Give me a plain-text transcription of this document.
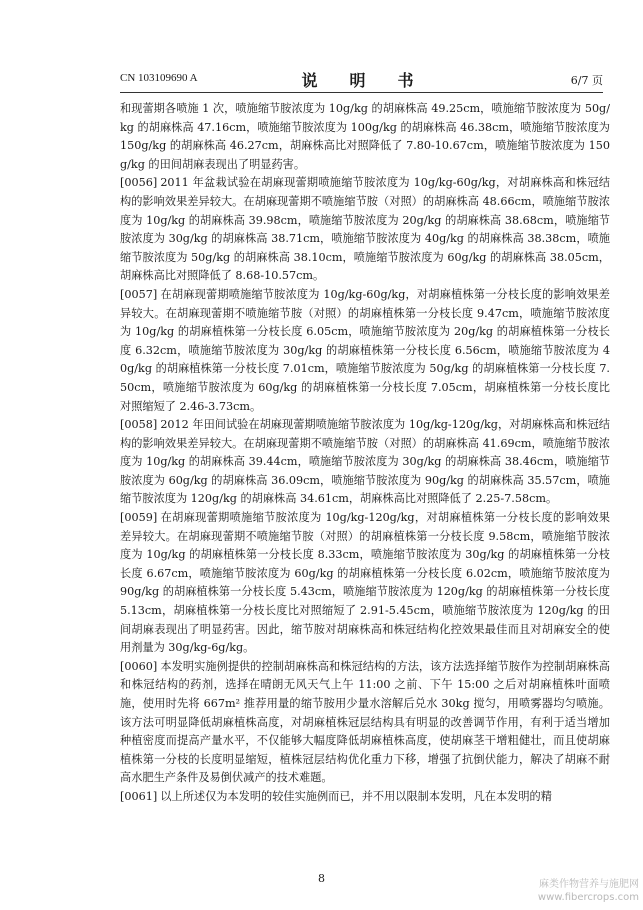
CN 103109690 A	说　明　书	6/7 页

和现蕾期各喷施 1 次，喷施缩节胺浓度为 10g/kg 的胡麻株高 49.25cm，喷施缩节胺浓度为 50g/kg 的胡麻株高 47.16cm，喷施缩节胺浓度为 100g/kg 的胡麻株高 46.38cm，喷施缩节胺浓度为 150g/kg 的胡麻株高 46.27cm，胡麻株高比对照降低了 7.80-10.67cm，喷施缩节胺浓度为 150g/kg 的田间胡麻表现出了明显药害。

[0056] 2011 年盆栽试验在胡麻现蕾期喷施缩节胺浓度为 10g/kg-60g/kg，对胡麻株高和株冠结构的影响效果差异较大。在胡麻现蕾期不喷施缩节胺（对照）的胡麻株高 48.66cm，喷施缩节胺浓度为 10g/kg 的胡麻株高 39.98cm，喷施缩节胺浓度为 20g/kg 的胡麻株高 38.68cm，喷施缩节胺浓度为 30g/kg 的胡麻株高 38.71cm，喷施缩节胺浓度为 40g/kg 的胡麻株高 38.38cm，喷施缩节胺浓度为 50g/kg 的胡麻株高 38.10cm，喷施缩节胺浓度为 60g/kg 的胡麻株高 38.05cm，胡麻株高比对照降低了 8.68-10.57cm。

[0057] 在胡麻现蕾期喷施缩节胺浓度为 10g/kg-60g/kg，对胡麻植株第一分枝长度的影响效果差异较大。在胡麻现蕾期不喷施缩节胺（对照）的胡麻植株第一分枝长度 9.47cm，喷施缩节胺浓度为 10g/kg 的胡麻植株第一分枝长度 6.05cm，喷施缩节胺浓度为 20g/kg 的胡麻植株第一分枝长度 6.32cm，喷施缩节胺浓度为 30g/kg 的胡麻植株第一分枝长度 6.56cm，喷施缩节胺浓度为 40g/kg 的胡麻植株第一分枝长度 7.01cm，喷施缩节胺浓度为 50g/kg 的胡麻植株第一分枝长度 7.50cm，喷施缩节胺浓度为 60g/kg 的胡麻植株第一分枝长度 7.05cm，胡麻植株第一分枝长度比对照缩短了 2.46-3.73cm。

[0058] 2012 年田间试验在胡麻现蕾期喷施缩节胺浓度为 10g/kg-120g/kg，对胡麻株高和株冠结构的影响效果差异较大。在胡麻现蕾期不喷施缩节胺（对照）的胡麻株高 41.69cm，喷施缩节胺浓度为 10g/kg 的胡麻株高 39.44cm，喷施缩节胺浓度为 30g/kg 的胡麻株高 38.46cm，喷施缩节胺浓度为 60g/kg 的胡麻株高 36.09cm，喷施缩节胺浓度为 90g/kg 的胡麻株高 35.57cm，喷施缩节胺浓度为 120g/kg 的胡麻株高 34.61cm，胡麻株高比对照降低了 2.25-7.58cm。

[0059] 在胡麻现蕾期喷施缩节胺浓度为 10g/kg-120g/kg，对胡麻植株第一分枝长度的影响效果差异较大。在胡麻现蕾期不喷施缩节胺（对照）的胡麻植株第一分枝长度 9.58cm，喷施缩节胺浓度为 10g/kg 的胡麻植株第一分枝长度 8.33cm，喷施缩节胺浓度为 30g/kg 的胡麻植株第一分枝长度 6.67cm，喷施缩节胺浓度为 60g/kg 的胡麻植株第一分枝长度 6.02cm，喷施缩节胺浓度为 90g/kg 的胡麻植株第一分枝长度 5.43cm，喷施缩节胺浓度为 120g/kg 的胡麻植株第一分枝长度 5.13cm，胡麻植株第一分枝长度比对照缩短了 2.91-5.45cm，喷施缩节胺浓度为 120g/kg 的田间胡麻表现出了明显药害。因此，缩节胺对胡麻株高和株冠结构化控效果最佳而且对胡麻安全的使用剂量为 30g/kg-6g/kg。

[0060] 本发明实施例提供的控制胡麻株高和株冠结构的方法，该方法选择缩节胺作为控制胡麻株高和株冠结构的药剂，选择在晴朗无风天气上午 11:00 之前、下午 15:00 之后对胡麻植株叶面喷施，使用时先将 667m² 推荐用量的缩节胺用少量水溶解后兑水 30kg 搅匀，用喷雾器均匀喷施。该方法可明显降低胡麻植株高度，对胡麻植株冠层结构具有明显的改善调节作用，有利于适当增加种植密度而提高产量水平，不仅能够大幅度降低胡麻植株高度，使胡麻茎干增粗健壮，而且使胡麻植株第一分枝的长度明显缩短，植株冠层结构优化重力下移，增强了抗倒伏能力，解决了胡麻不耐高水肥生产条件及易倒伏减产的技术难题。

[0061] 以上所述仅为本发明的较佳实施例而已，并不用以限制本发明，凡在本发明的精

8	麻类作物营养与施肥网
www.fibercrops.com
